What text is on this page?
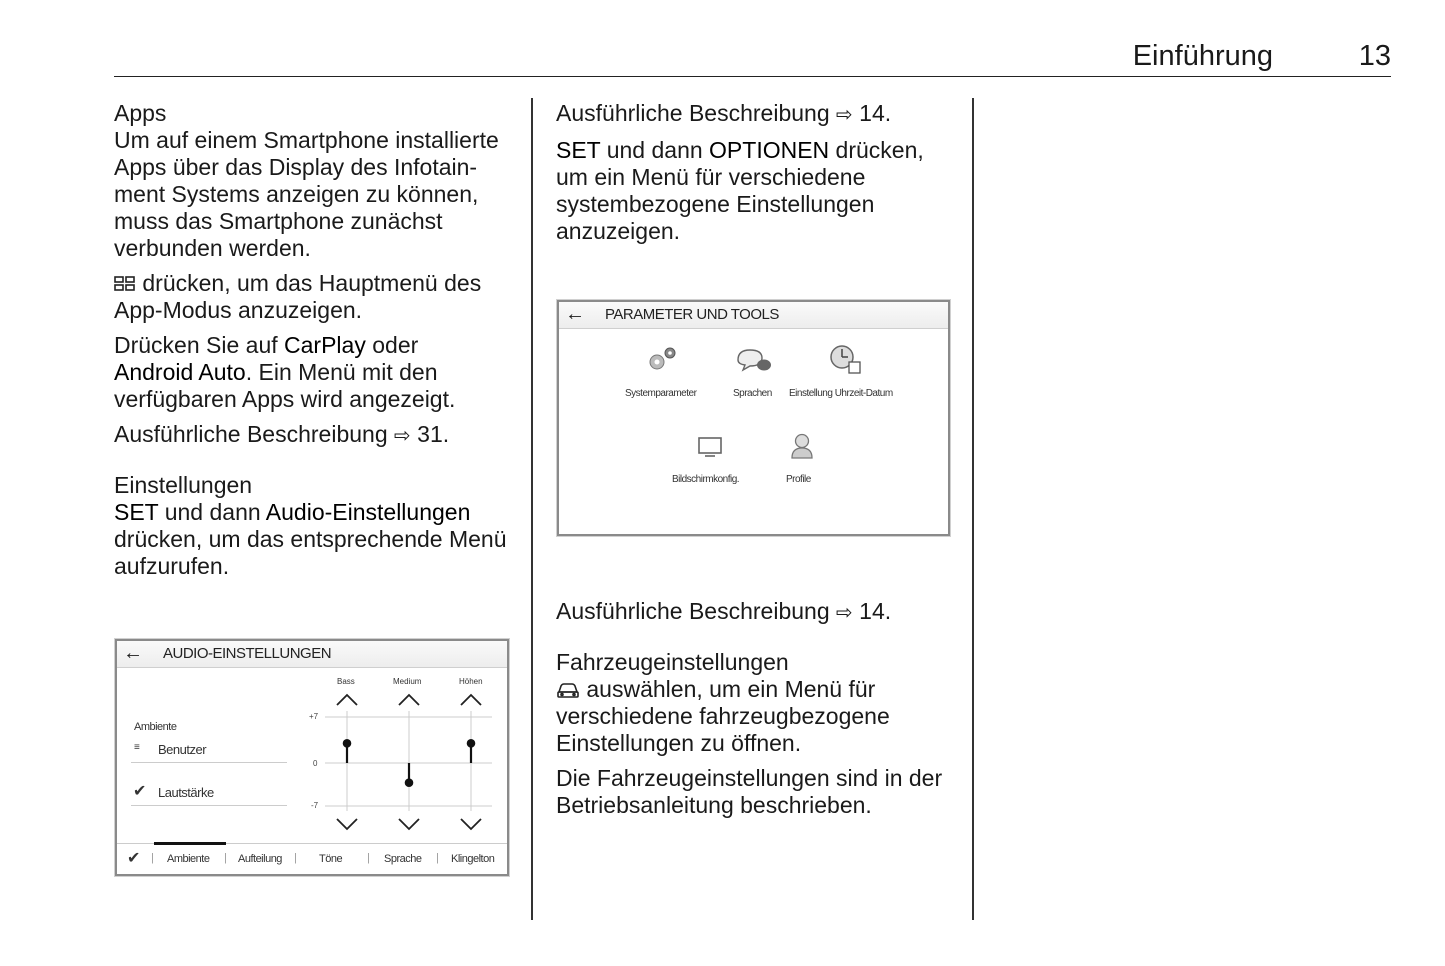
Einführung	13
Apps

Um auf einem Smartphone installierte Apps über das Display des Infotain-ment Systems anzeigen zu können, muss das Smartphone zunächst verbunden werden.

drücken, um das Hauptmenü des App-Modus anzuzeigen.

Drücken Sie auf CarPlay oder
Android Auto. Ein Menü mit den verfügbaren Apps wird angezeigt.

Ausführliche Beschreibung ⇨ 31.

Einstellungen

SET und dann Audio-Einstellungen drücken, um das entsprechende Menü aufzurufen.

← AUDIO-EINSTELLUNGEN
Ambiente
≡ Benutzer
✔ Lautstärke
+7
0
-7
Bass	Medium	Höhen
✔ Ambiente	Aufteilung	Töne	Sprache	Klingelton
|	|	|	|	|

Ausführliche Beschreibung ⇨ 14.

SET und dann OPTIONEN drücken, um ein Menü für verschiedene systembezogene Einstellungen anzuzeigen.

← PARAMETER UND TOOLS
Systemparameter	Sprachen Einstellung Uhrzeit-Datum
Bildschirmkonfig.	Profile

Ausführliche Beschreibung ⇨ 14.

Fahrzeugeinstellungen

auswählen, um ein Menü für verschiedene fahrzeugbezogene Einstellungen zu öffnen.

Die Fahrzeugeinstellungen sind in der Betriebsanleitung beschrieben.
